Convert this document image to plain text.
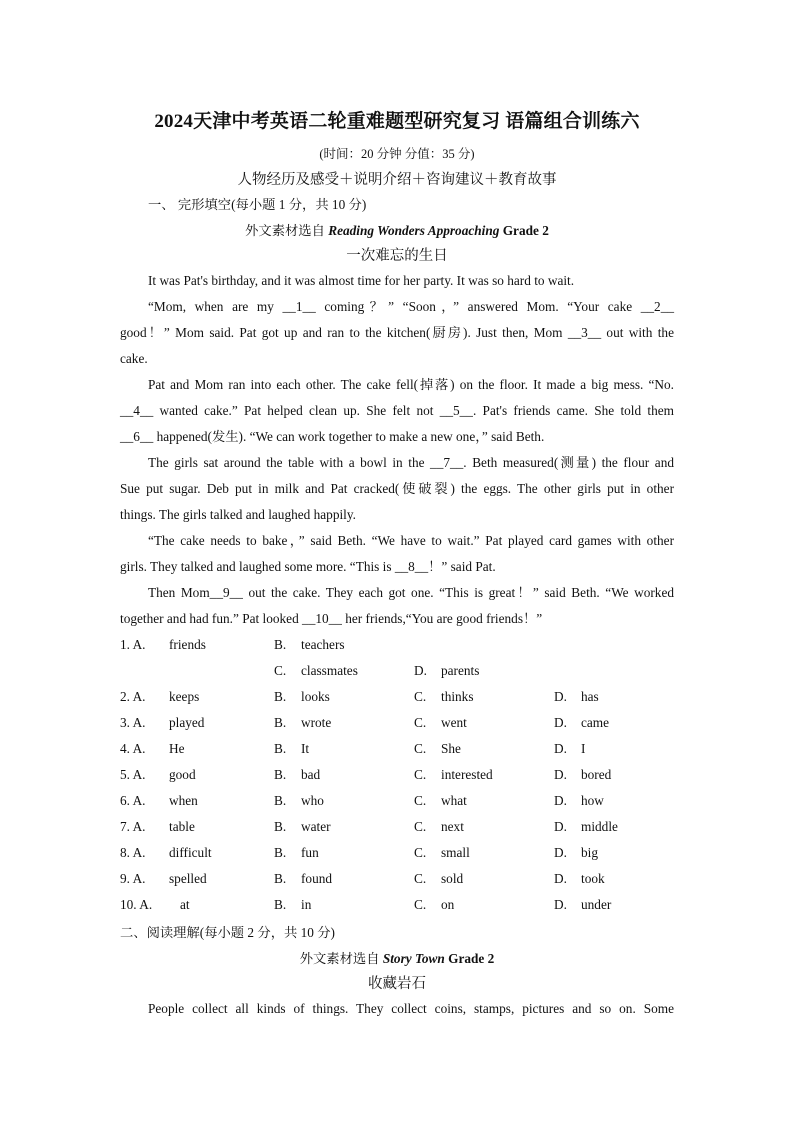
2024天津中考英语二轮重难题型研究复习 语篇组合训练六
(时间：20 分钟 分值：35 分)
人物经历及感受＋说明介绍＋咨询建议＋教育故事
一、 完形填空(每小题 1 分，共 10 分)
外文素材选自 Reading Wonders Approaching Grade 2
一次难忘的生日
It was Pat's birthday, and it was almost time for her party. It was so hard to wait.
“Mom, when are my __1__ coming？” “Soon，” answered Mom. “Your cake __2__
good！” Mom said. Pat got up and ran to the kitchen(厨房). Just then, Mom __3__ out with the
cake.
Pat and Mom ran into each other. The cake fell(掉落) on the floor. It made a big mess. “No.
__4__ wanted cake.” Pat helped clean up. She felt not __5__. Pat's friends came. She told them
__6__ happened(发生). “We can work together to make a new one，” said Beth.
The girls sat around the table with a bowl in the __7__. Beth measured(测量) the flour and
Sue put sugar. Deb put in milk and Pat cracked(使破裂) the eggs. The other girls put in other
things. The girls talked and laughed happily.
“The cake needs to bake，” said Beth. “We have to wait.” Pat played card games with other
girls. They talked and laughed some more. “This is __8__！” said Pat.
Then Mom__9__ out the cake. They each got one. “This is great！” said Beth. “We worked
together and had fun.” Pat looked __10__ her friends,“You are good friends！”
1. A. friends	B. teachers
C. classmates	D. parents
2. A. keeps	B. looks	C. thinks	D. has
3. A. played	B. wrote	C. went	D. came
4. A. He	B. It	C. She	D. I
5. A. good	B. bad	C. interested	D. bored
6. A. when	B. who	C. what	D. how
7. A. table	B. water	C. next	D. middle
8. A. difficult	B. fun	C. small	D. big
9. A. spelled	B. found	C. sold	D. took
10. A. at	B. in	C. on	D. under
二、阅读理解(每小题 2 分，共 10 分)
外文素材选自 Story Town Grade 2
收藏岩石
People collect all kinds of things. They collect coins, stamps, pictures and so on. Some
